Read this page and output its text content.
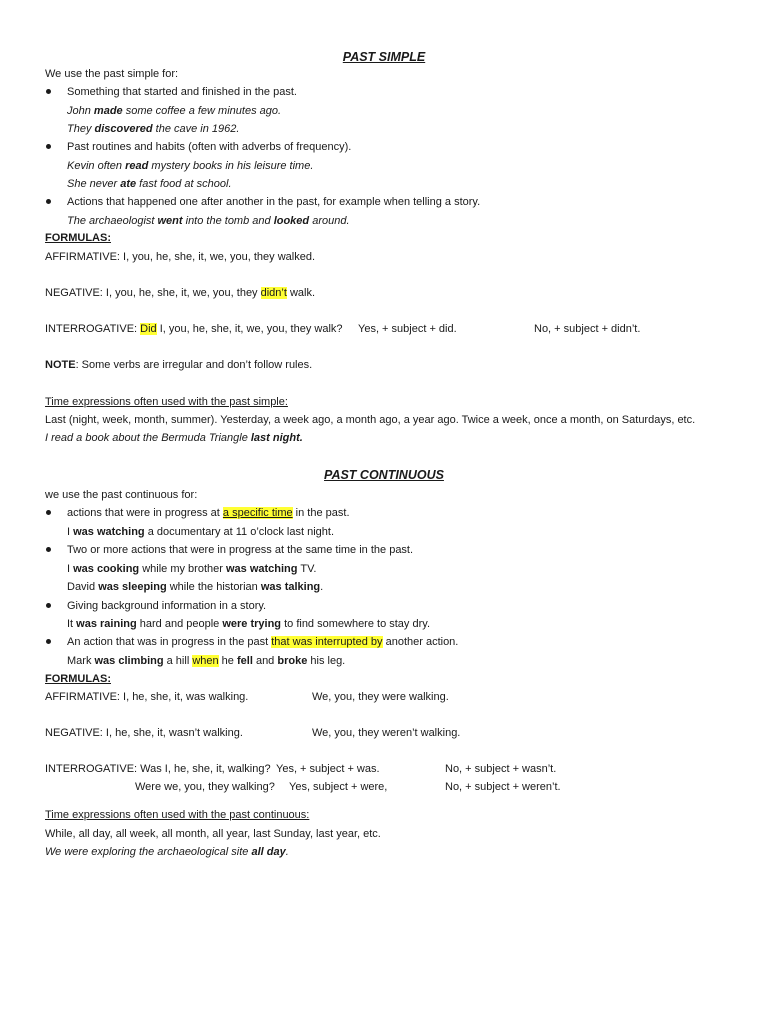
PAST SIMPLE
We use the past simple for:
Something that started and finished in the past.
John made some coffee a few minutes ago.
They discovered the cave in 1962.
Past routines and habits (often with adverbs of frequency).
Kevin often read mystery books in his leisure time.
She never ate fast food at school.
Actions that happened one after another in the past, for example when telling a story.
The archaeologist went into the tomb and looked around.
FORMULAS:
AFFIRMATIVE: I, you, he, she, it, we, you, they walked.
NEGATIVE: I, you, he, she, it, we, you, they didn’t walk.
INTERROGATIVE: Did I, you, he, she, it, we, you, they walk? Yes, + subject + did.	No, + subject + didn’t.
NOTE: Some verbs are irregular and don’t follow rules.
Time expressions often used with the past simple:
Last (night, week, month, summer). Yesterday, a week ago, a month ago, a year ago. Twice a week, once a month, on Saturdays, etc.
I read a book about the Bermuda Triangle last night.
PAST CONTINUOUS
we use the past continuous for:
actions that were in progress at a specific time in the past.
I was watching a documentary at 11 o’clock last night.
Two or more actions that were in progress at the same time in the past.
I was cooking while my brother was watching TV.
David was sleeping while the historian was talking.
Giving background information in a story.
It was raining hard and people were trying to find somewhere to stay dry.
An action that was in progress in the past that was interrupted by another action.
Mark was climbing a hill when he fell and broke his leg.
FORMULAS:
AFFIRMATIVE: I, he, she, it, was walking.	We, you, they were walking.
NEGATIVE: I, he, she, it, wasn’t walking.	We, you, they weren’t walking.
INTERROGATIVE: Was I, he, she, it, walking? Yes, + subject + was.	No, + subject + wasn’t.
Were we, you, they walking? Yes, subject + were,	No, + subject + weren’t.
Time expressions often used with the past continuous:
While, all day, all week, all month, all year, last Sunday, last year, etc.
We were exploring the archaeological site all day.
